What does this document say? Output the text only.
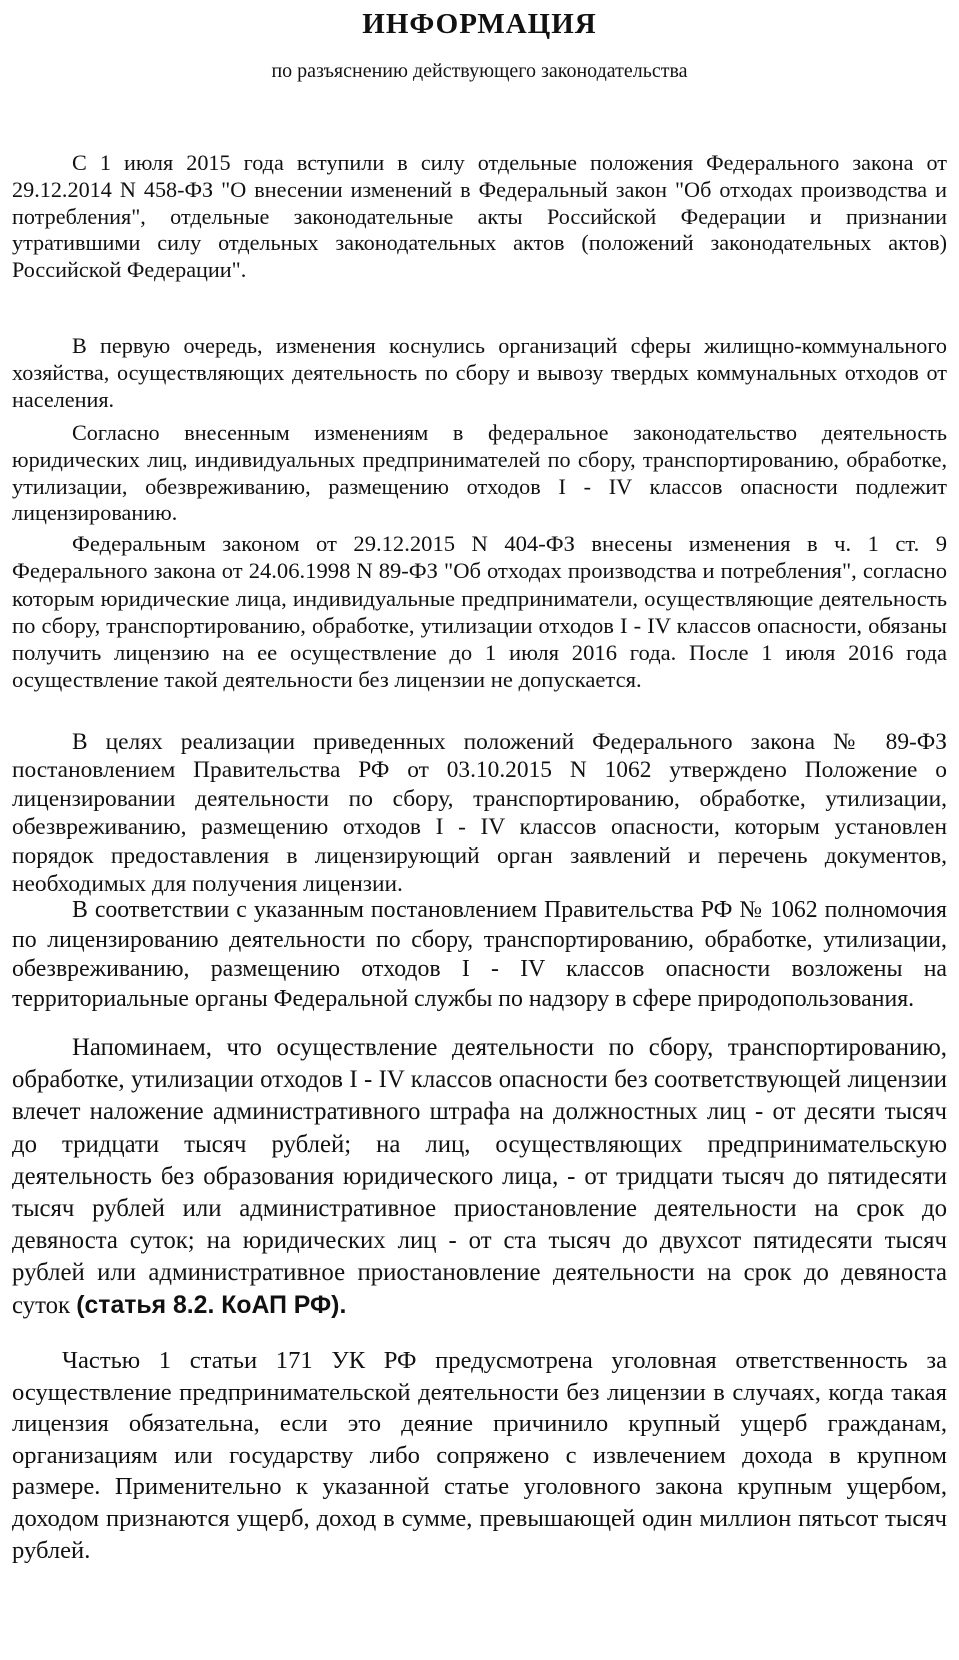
ИНФОРМАЦИЯ

по разъяснению действующего законодательства

С 1 июля 2015 года вступили в силу отдельные положения Федерального закона от 29.12.2014 N 458-ФЗ "О внесении изменений в Федеральный закон "Об отходах производства и потребления", отдельные законодательные акты Российской Федерации и признании утратившими силу отдельных законодательных актов (положений законодательных актов) Российской Федерации".

В первую очередь, изменения коснулись организаций сферы жилищно-коммунального хозяйства, осуществляющих деятельность по сбору и вывозу твердых коммунальных отходов от населения.

Согласно внесенным изменениям в федеральное законодательство деятельность юридических лиц, индивидуальных предпринимателей по сбору, транспортированию, обработке, утилизации, обезвреживанию, размещению отходов I - IV классов опасности подлежит лицензированию.

Федеральным законом от 29.12.2015 N 404-ФЗ внесены изменения в ч. 1 ст. 9 Федерального закона от 24.06.1998 N 89-ФЗ "Об отходах производства и потребления", согласно которым юридические лица, индивидуальные предприниматели, осуществляющие деятельность по сбору, транспортированию, обработке, утилизации отходов I - IV классов опасности, обязаны получить лицензию на ее осуществление до 1 июля 2016 года. После 1 июля 2016 года осуществление такой деятельности без лицензии не допускается.

В целях реализации приведенных положений Федерального закона № 89-ФЗ постановлением Правительства РФ от 03.10.2015 N 1062 утверждено Положение о лицензировании деятельности по сбору, транспортированию, обработке, утилизации, обезвреживанию, размещению отходов I - IV классов опасности, которым установлен порядок предоставления в лицензирующий орган заявлений и перечень документов, необходимых для получения лицензии.

В соответствии с указанным постановлением Правительства РФ № 1062 полномочия по лицензированию деятельности по сбору, транспортированию, обработке, утилизации, обезвреживанию, размещению отходов I - IV классов опасности возложены на территориальные органы Федеральной службы по надзору в сфере природопользования.

Напоминаем, что осуществление деятельности по сбору, транспортированию, обработке, утилизации отходов I - IV классов опасности без соответствующей лицензии влечет наложение административного штрафа на должностных лиц - от десяти тысяч до тридцати тысяч рублей; на лиц, осуществляющих предпринимательскую деятельность без образования юридического лица, - от тридцати тысяч до пятидесяти тысяч рублей или административное приостановление деятельности на срок до девяноста суток; на юридических лиц - от ста тысяч до двухсот пятидесяти тысяч рублей или административное приостановление деятельности на срок до девяноста суток (статья 8.2. КоАП РФ).

Частью 1 статьи 171 УК РФ предусмотрена уголовная ответственность за осуществление предпринимательской деятельности без лицензии в случаях, когда такая лицензия обязательна, если это деяние причинило крупный ущерб гражданам, организациям или государству либо сопряжено с извлечением дохода в крупном размере. Применительно к указанной статье уголовного закона крупным ущербом, доходом признаются ущерб, доход в сумме, превышающей один миллион пятьсот тысяч рублей.
